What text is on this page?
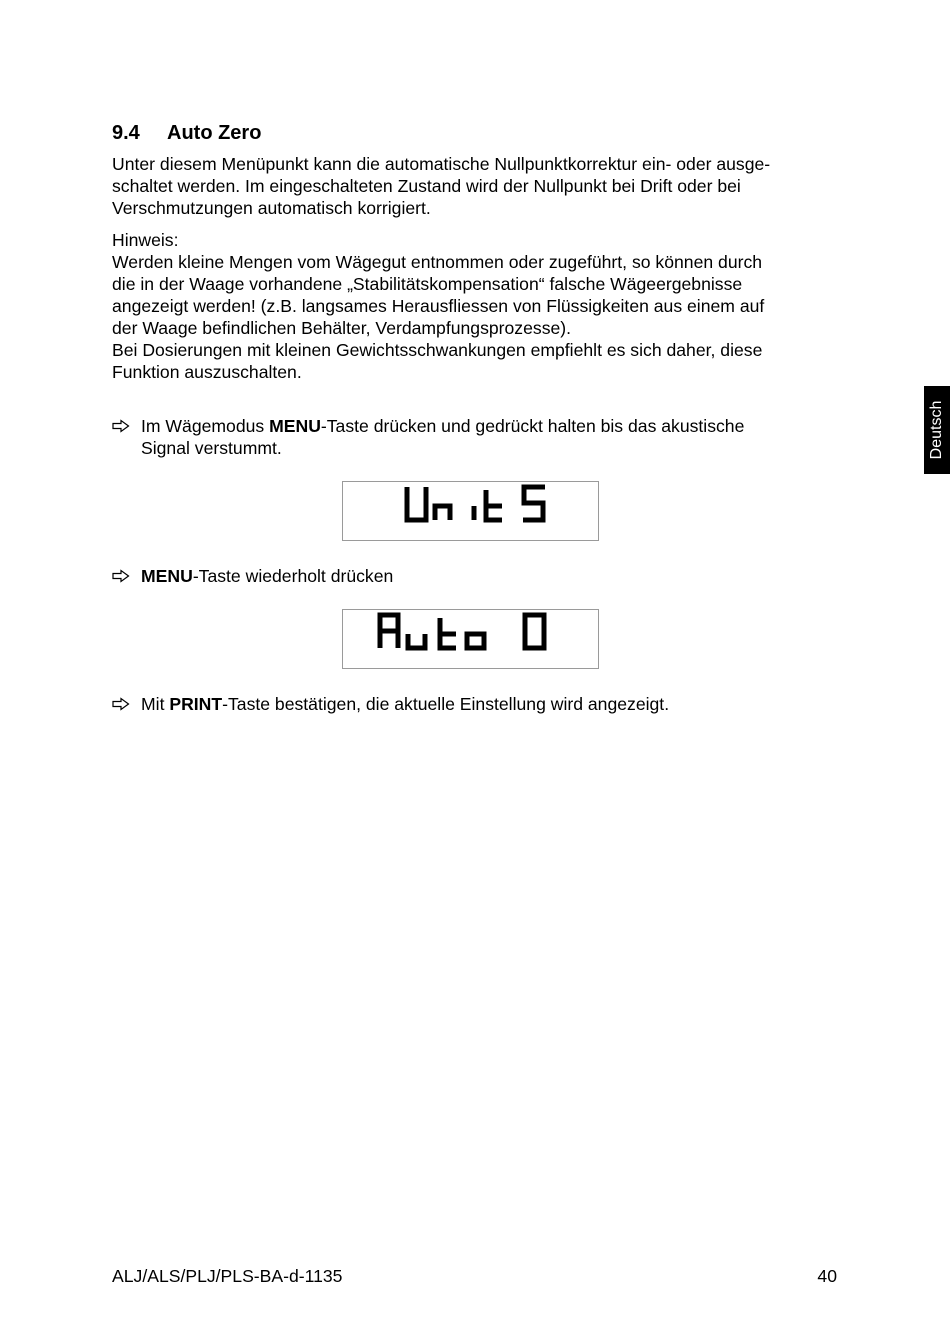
9.4 Auto Zero

Unter diesem Menüpunkt kann die automatische Nullpunktkorrektur ein- oder ausge-
schaltet werden. Im eingeschalteten Zustand wird der Nullpunkt bei Drift oder bei
Verschmutzungen automatisch korrigiert.

Hinweis:
Werden kleine Mengen vom Wägegut entnommen oder zugeführt, so können durch
die in der Waage vorhandene „Stabilitätskompensation“ falsche Wägeergebnisse
angezeigt werden! (z.B. langsames Herausfliessen von Flüssigkeiten aus einem auf
der Waage befindlichen Behälter, Verdampfungsprozesse).
Bei Dosierungen mit kleinen Gewichtsschwankungen empfiehlt es sich daher, diese
Funktion auszuschalten.

Im Wägemodus MENU-Taste drücken und gedrückt halten bis das akustische
Signal verstummt.
MENU-Taste wiederholt drücken
Mit PRINT-Taste bestätigen, die aktuelle Einstellung wird angezeigt.
Deutsch
ALJ/ALS/PLJ/PLS-BA-d-1135	40
